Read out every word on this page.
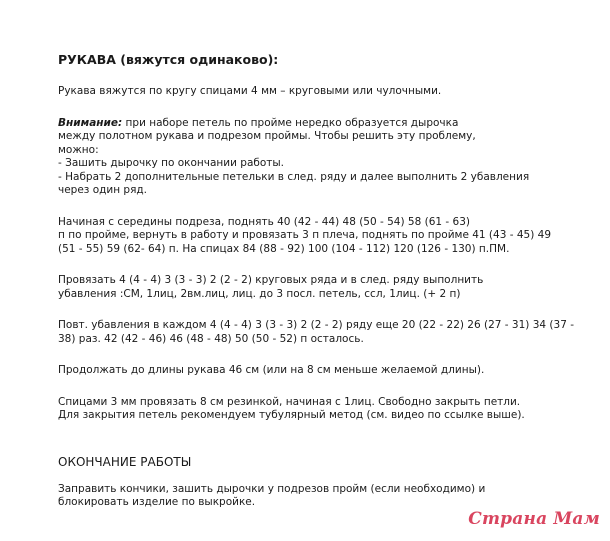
РУКАВА (вяжутся одинаково):

Рукава вяжутся по кругу спицами 4 мм – круговыми или чулочными.

Внимание: при наборе петель по пройме нередко образуется дырочка
между полотном рукава и подрезом проймы. Чтобы решить эту проблему,
можно:
- Зашить дырочку по окончании работы.
- Набрать 2 дополнительные петельки в след. ряду и далее выполнить 2 убавления
через один ряд.

Начиная с середины подреза, поднять 40 (42 - 44) 48 (50 - 54) 58 (61 - 63)
п по пройме, вернуть в работу и провязать 3 п плеча, поднять по пройме 41 (43 - 45) 49
(51 - 55) 59 (62- 64) п. На спицах 84 (88 - 92) 100 (104 - 112) 120 (126 - 130) п.ПМ.

Провязать 4 (4 - 4) 3 (3 - 3) 2 (2 - 2) круговых ряда и в след. ряду выполнить
убавления :СМ, 1лиц, 2вм.лиц, лиц. до 3 посл. петель, ссл, 1лиц. (+ 2 п)

Повт. убавления в каждом 4 (4 - 4) 3 (3 - 3) 2 (2 - 2) ряду еще 20 (22 - 22) 26 (27 - 31) 34 (37 -
38) раз. 42 (42 - 46) 46 (48 - 48) 50 (50 - 52) п осталось.

Продолжать до длины рукава 46 см (или на 8 см меньше желаемой длины).

Спицами 3 мм провязать 8 см резинкой, начиная с 1лиц. Свободно закрыть петли.
Для закрытия петель рекомендуем тубулярный метод (см. видео по ссылке выше).

ОКОНЧАНИЕ РАБОТЫ

Заправить кончики, зашить дырочки у подрезов пройм (если необходимо) и
блокировать изделие по выкройке.

Страна Мам
